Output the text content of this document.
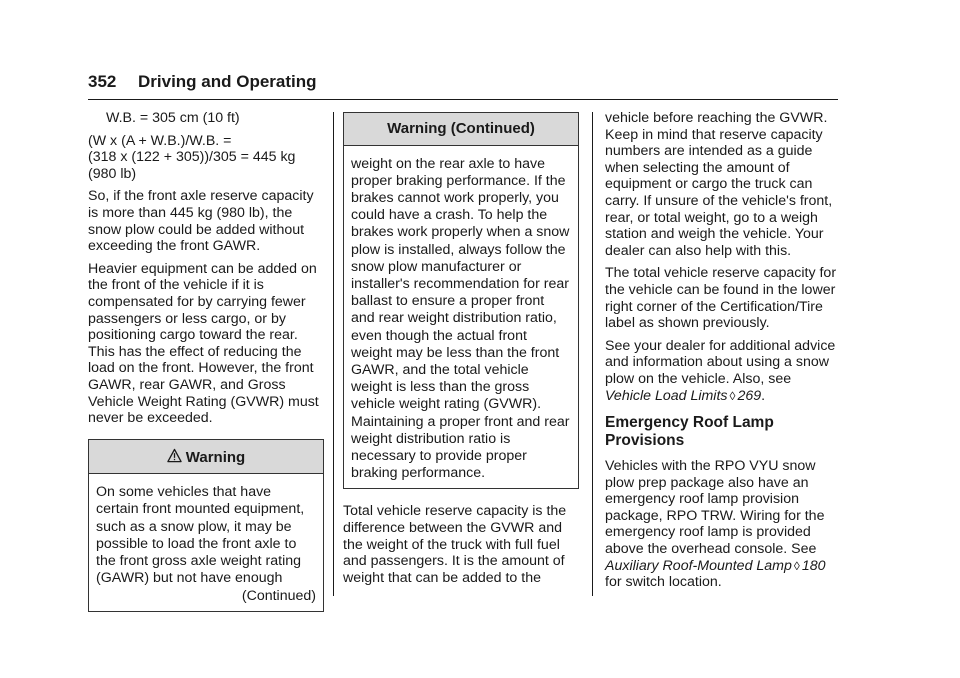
352 Driving and Operating

W.B. = 305 cm (10 ft)

(W x (A + W.B.)/W.B. =

(318 x (122 + 305))/305 = 445 kg

(980 lb)

So, if the front axle reserve capacity is more than 445 kg (980 lb), the snow plow could be added without exceeding the front GAWR.

Heavier equipment can be added on the front of the vehicle if it is compensated for by carrying fewer passengers or less cargo, or by positioning cargo toward the rear. This has the effect of reducing the load on the front. However, the front GAWR, rear GAWR, and Gross Vehicle Weight Rating (GVWR) must never be exceeded.

Warning

On some vehicles that have certain front mounted equipment, such as a snow plow, it may be possible to load the front axle to the front gross axle weight rating (GAWR) but not have enough

(Continued)

Warning (Continued)

weight on the rear axle to have proper braking performance. If the brakes cannot work properly, you could have a crash. To help the brakes work properly when a snow plow is installed, always follow the snow plow manufacturer or installer's recommendation for rear ballast to ensure a proper front and rear weight distribution ratio, even though the actual front weight may be less than the front GAWR, and the total vehicle weight is less than the gross vehicle weight rating (GVWR). Maintaining a proper front and rear weight distribution ratio is necessary to provide proper braking performance.

Total vehicle reserve capacity is the difference between the GVWR and the weight of the truck with full fuel and passengers. It is the amount of weight that can be added to the

vehicle before reaching the GVWR. Keep in mind that reserve capacity numbers are intended as a guide when selecting the amount of equipment or cargo the truck can carry. If unsure of the vehicle's front, rear, or total weight, go to a weigh station and weigh the vehicle. Your dealer can also help with this.

The total vehicle reserve capacity for the vehicle can be found in the lower right corner of the Certification/Tire label as shown previously.

See your dealer for additional advice and information about using a snow plow on the vehicle. Also, see Vehicle Load Limits ◊ 269.

Emergency Roof Lamp Provisions

Vehicles with the RPO VYU snow plow prep package also have an emergency roof lamp provision package, RPO TRW. Wiring for the emergency roof lamp is provided above the overhead console. See Auxiliary Roof-Mounted Lamp ◊ 180 for switch location.
